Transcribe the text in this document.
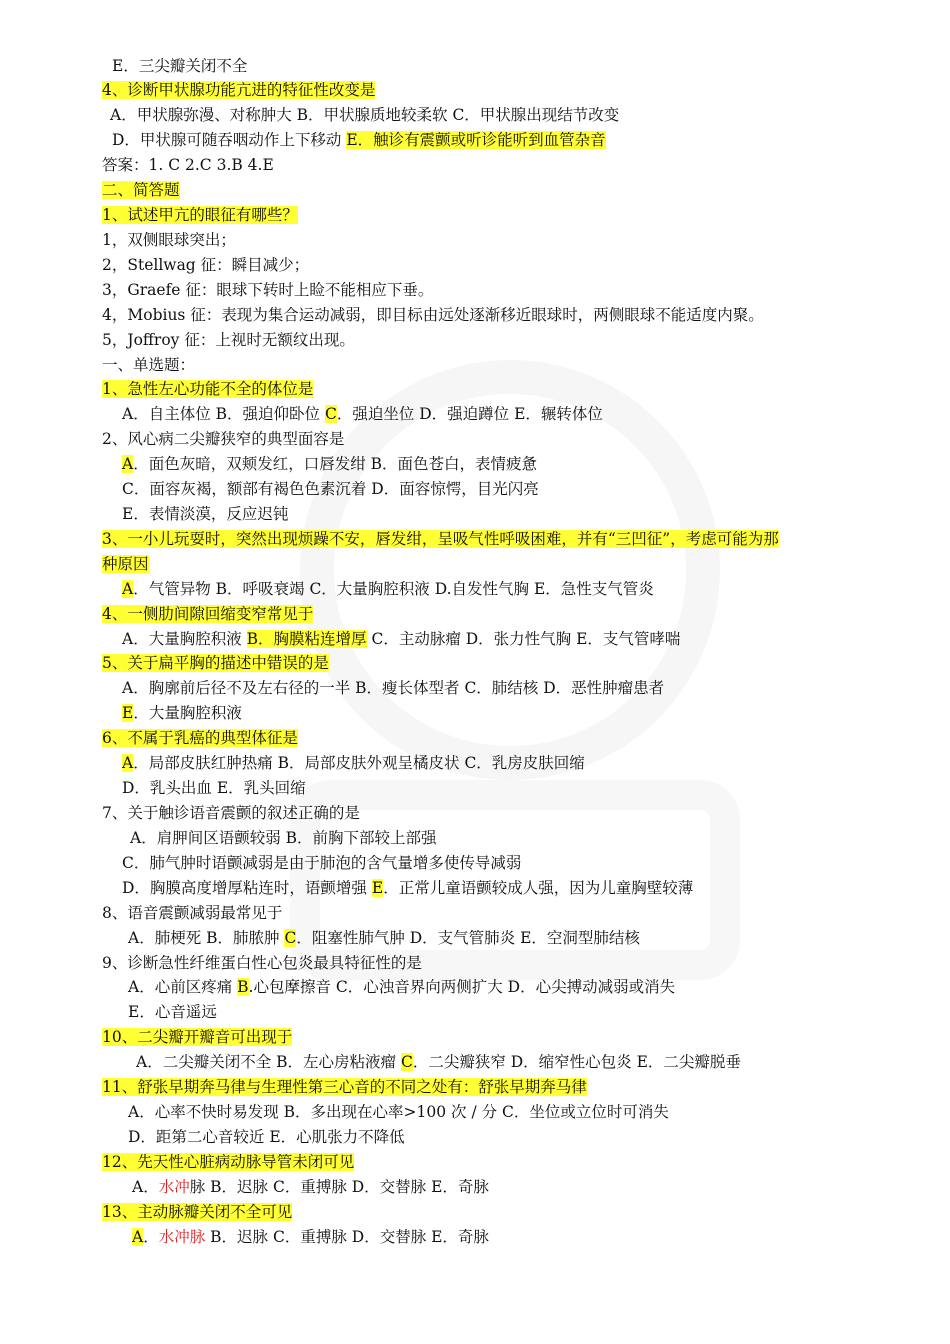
E．三尖瓣关闭不全
4、诊断甲状腺功能亢进的特征性改变是
A．甲状腺弥漫、对称肿大 B．甲状腺质地较柔软 C．甲状腺出现结节改变
D．甲状腺可随吞咽动作上下移动 E．触诊有震颤或听诊能听到血管杂音
答案：1. C 2.C 3.B 4.E
二、简答题
1、试述甲亢的眼征有哪些？
1，双侧眼球突出；
2，Stellwag 征：瞬目减少；
3，Graefe 征：眼球下转时上睑不能相应下垂。
4，Mobius 征：表现为集合运动减弱，即目标由远处逐渐移近眼球时，两侧眼球不能适度内聚。
5，Joffroy 征：上视时无额纹出现。
一、单选题：
1、急性左心功能不全的体位是
A．自主体位 B．强迫仰卧位 C．强迫坐位 D．强迫蹲位 E．辗转体位
2、风心病二尖瓣狭窄的典型面容是
A．面色灰暗，双颊发红，口唇发绀 B．面色苍白，表情疲惫
C．面容灰褐，额部有褐色色素沉着 D．面容惊愕，目光闪亮
E．表情淡漠，反应迟钝
3、一小儿玩耍时，突然出现烦躁不安，唇发绀，呈吸气性呼吸困难，并有“三凹征”，考虑可能为那
种原因
A．气管异物 B．呼吸衰竭 C．大量胸腔积液 D.自发性气胸 E．急性支气管炎
4、一侧肋间隙回缩变窄常见于
A．大量胸腔积液 B．胸膜粘连增厚 C．主动脉瘤 D．张力性气胸 E．支气管哮喘
5、关于扁平胸的描述中错误的是
A．胸廓前后径不及左右径的一半 B．瘦长体型者 C．肺结核 D．恶性肿瘤患者
E．大量胸腔积液
6、不属于乳癌的典型体征是
A．局部皮肤红肿热痛 B．局部皮肤外观呈橘皮状 C．乳房皮肤回缩
D．乳头出血 E．乳头回缩
7、关于触诊语音震颤的叙述正确的是
A．肩胛间区语颤较弱 B．前胸下部较上部强
C．肺气肿时语颤减弱是由于肺泡的含气量增多使传导减弱
D．胸膜高度增厚粘连时，语颤增强 E．正常儿童语颤较成人强，因为儿童胸壁较薄
8、语音震颤减弱最常见于
A．肺梗死 B．肺脓肿 C．阻塞性肺气肿 D．支气管肺炎 E．空洞型肺结核
9、诊断急性纤维蛋白性心包炎最具特征性的是
A．心前区疼痛 B.心包摩擦音 C．心浊音界向两侧扩大 D．心尖搏动减弱或消失
E．心音遥远
10、二尖瓣开瓣音可出现于
A．二尖瓣关闭不全 B．左心房粘液瘤 C．二尖瓣狭窄 D．缩窄性心包炎 E．二尖瓣脱垂
11、舒张早期奔马律与生理性第三心音的不同之处有：舒张早期奔马律
A．心率不快时易发现 B．多出现在心率>100 次 / 分 C．坐位或立位时可消失
D．距第二心音较近 E．心肌张力不降低
12、先天性心脏病动脉导管未闭可见
A．水冲脉 B．迟脉 C．重搏脉 D．交替脉 E．奇脉
13、主动脉瓣关闭不全可见
A．水冲脉 B．迟脉 C．重搏脉 D．交替脉 E．奇脉
